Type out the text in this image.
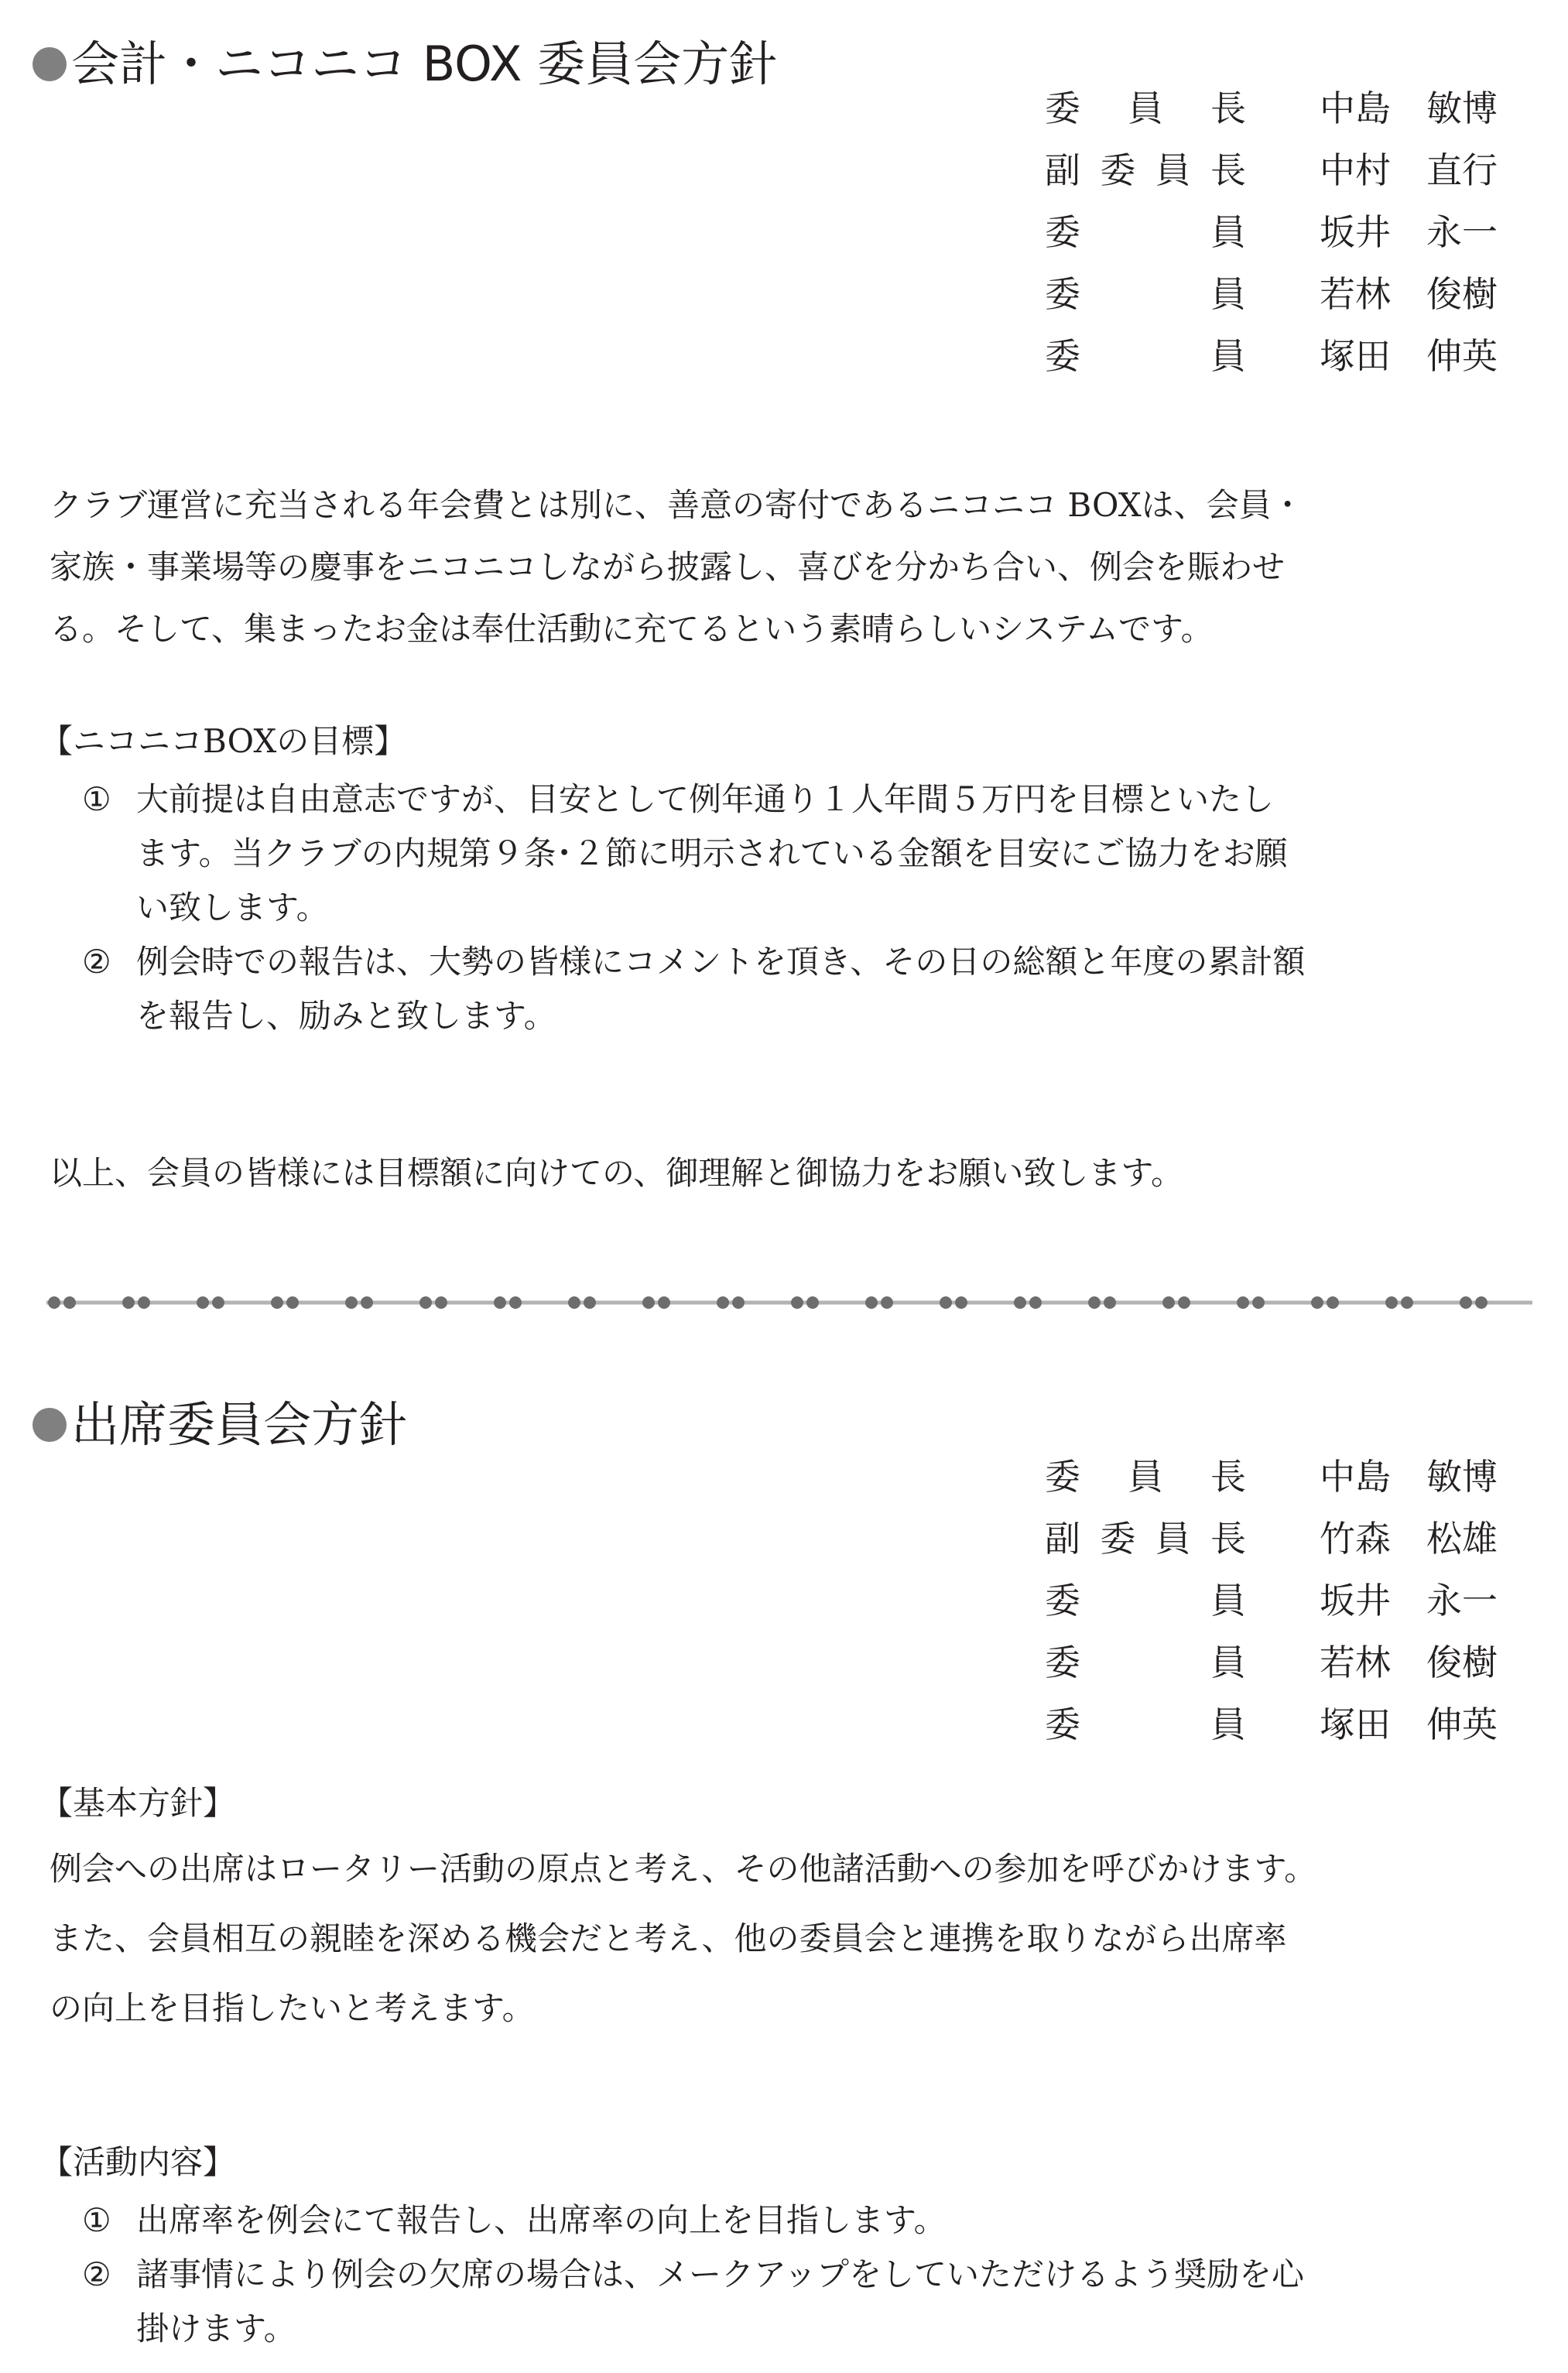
会計・ニコニコ BOX 委員会方針
委 員 長 中島　敏博
副 委 員 長 中村　直行
委	員 坂井　永一
委	員 若林　俊樹
委	員 塚田　伸英

クラブ運営に充当される年会費とは別に、善意の寄付であるニコニコ BOXは、会員・
家族・事業場等の慶事をニコニコしながら披露し、喜びを分かち合い、例会を賑わせ
る。そして、集まったお金は奉仕活動に充てるという素晴らしいシステムです。

【ニコニコBOXの目標】
① 大前提は自由意志ですが、目安として例年通り１人年間５万円を目標といたし
ます。当クラブの内規第９条･２節に明示されている金額を目安にご協力をお願
い致します。
② 例会時での報告は、大勢の皆様にコメントを頂き、その日の総額と年度の累計額
を報告し、励みと致します。

以上、会員の皆様には目標額に向けての、御理解と御協力をお願い致します。

出席委員会方針
委 員 長 中島　敏博
副 委 員 長 竹森　松雄
委	員 坂井　永一
委	員 若林　俊樹
委	員 塚田　伸英
【基本方針】

例会への出席はロータリー活動の原点と考え、その他諸活動への参加を呼びかけます。
また、会員相互の親睦を深める機会だと考え、他の委員会と連携を取りながら出席率
の向上を目指したいと考えます。

【活動内容】
① 出席率を例会にて報告し、出席率の向上を目指します。
② 諸事情により例会の欠席の場合は、メークアップをしていただけるよう奨励を心
掛けます。
